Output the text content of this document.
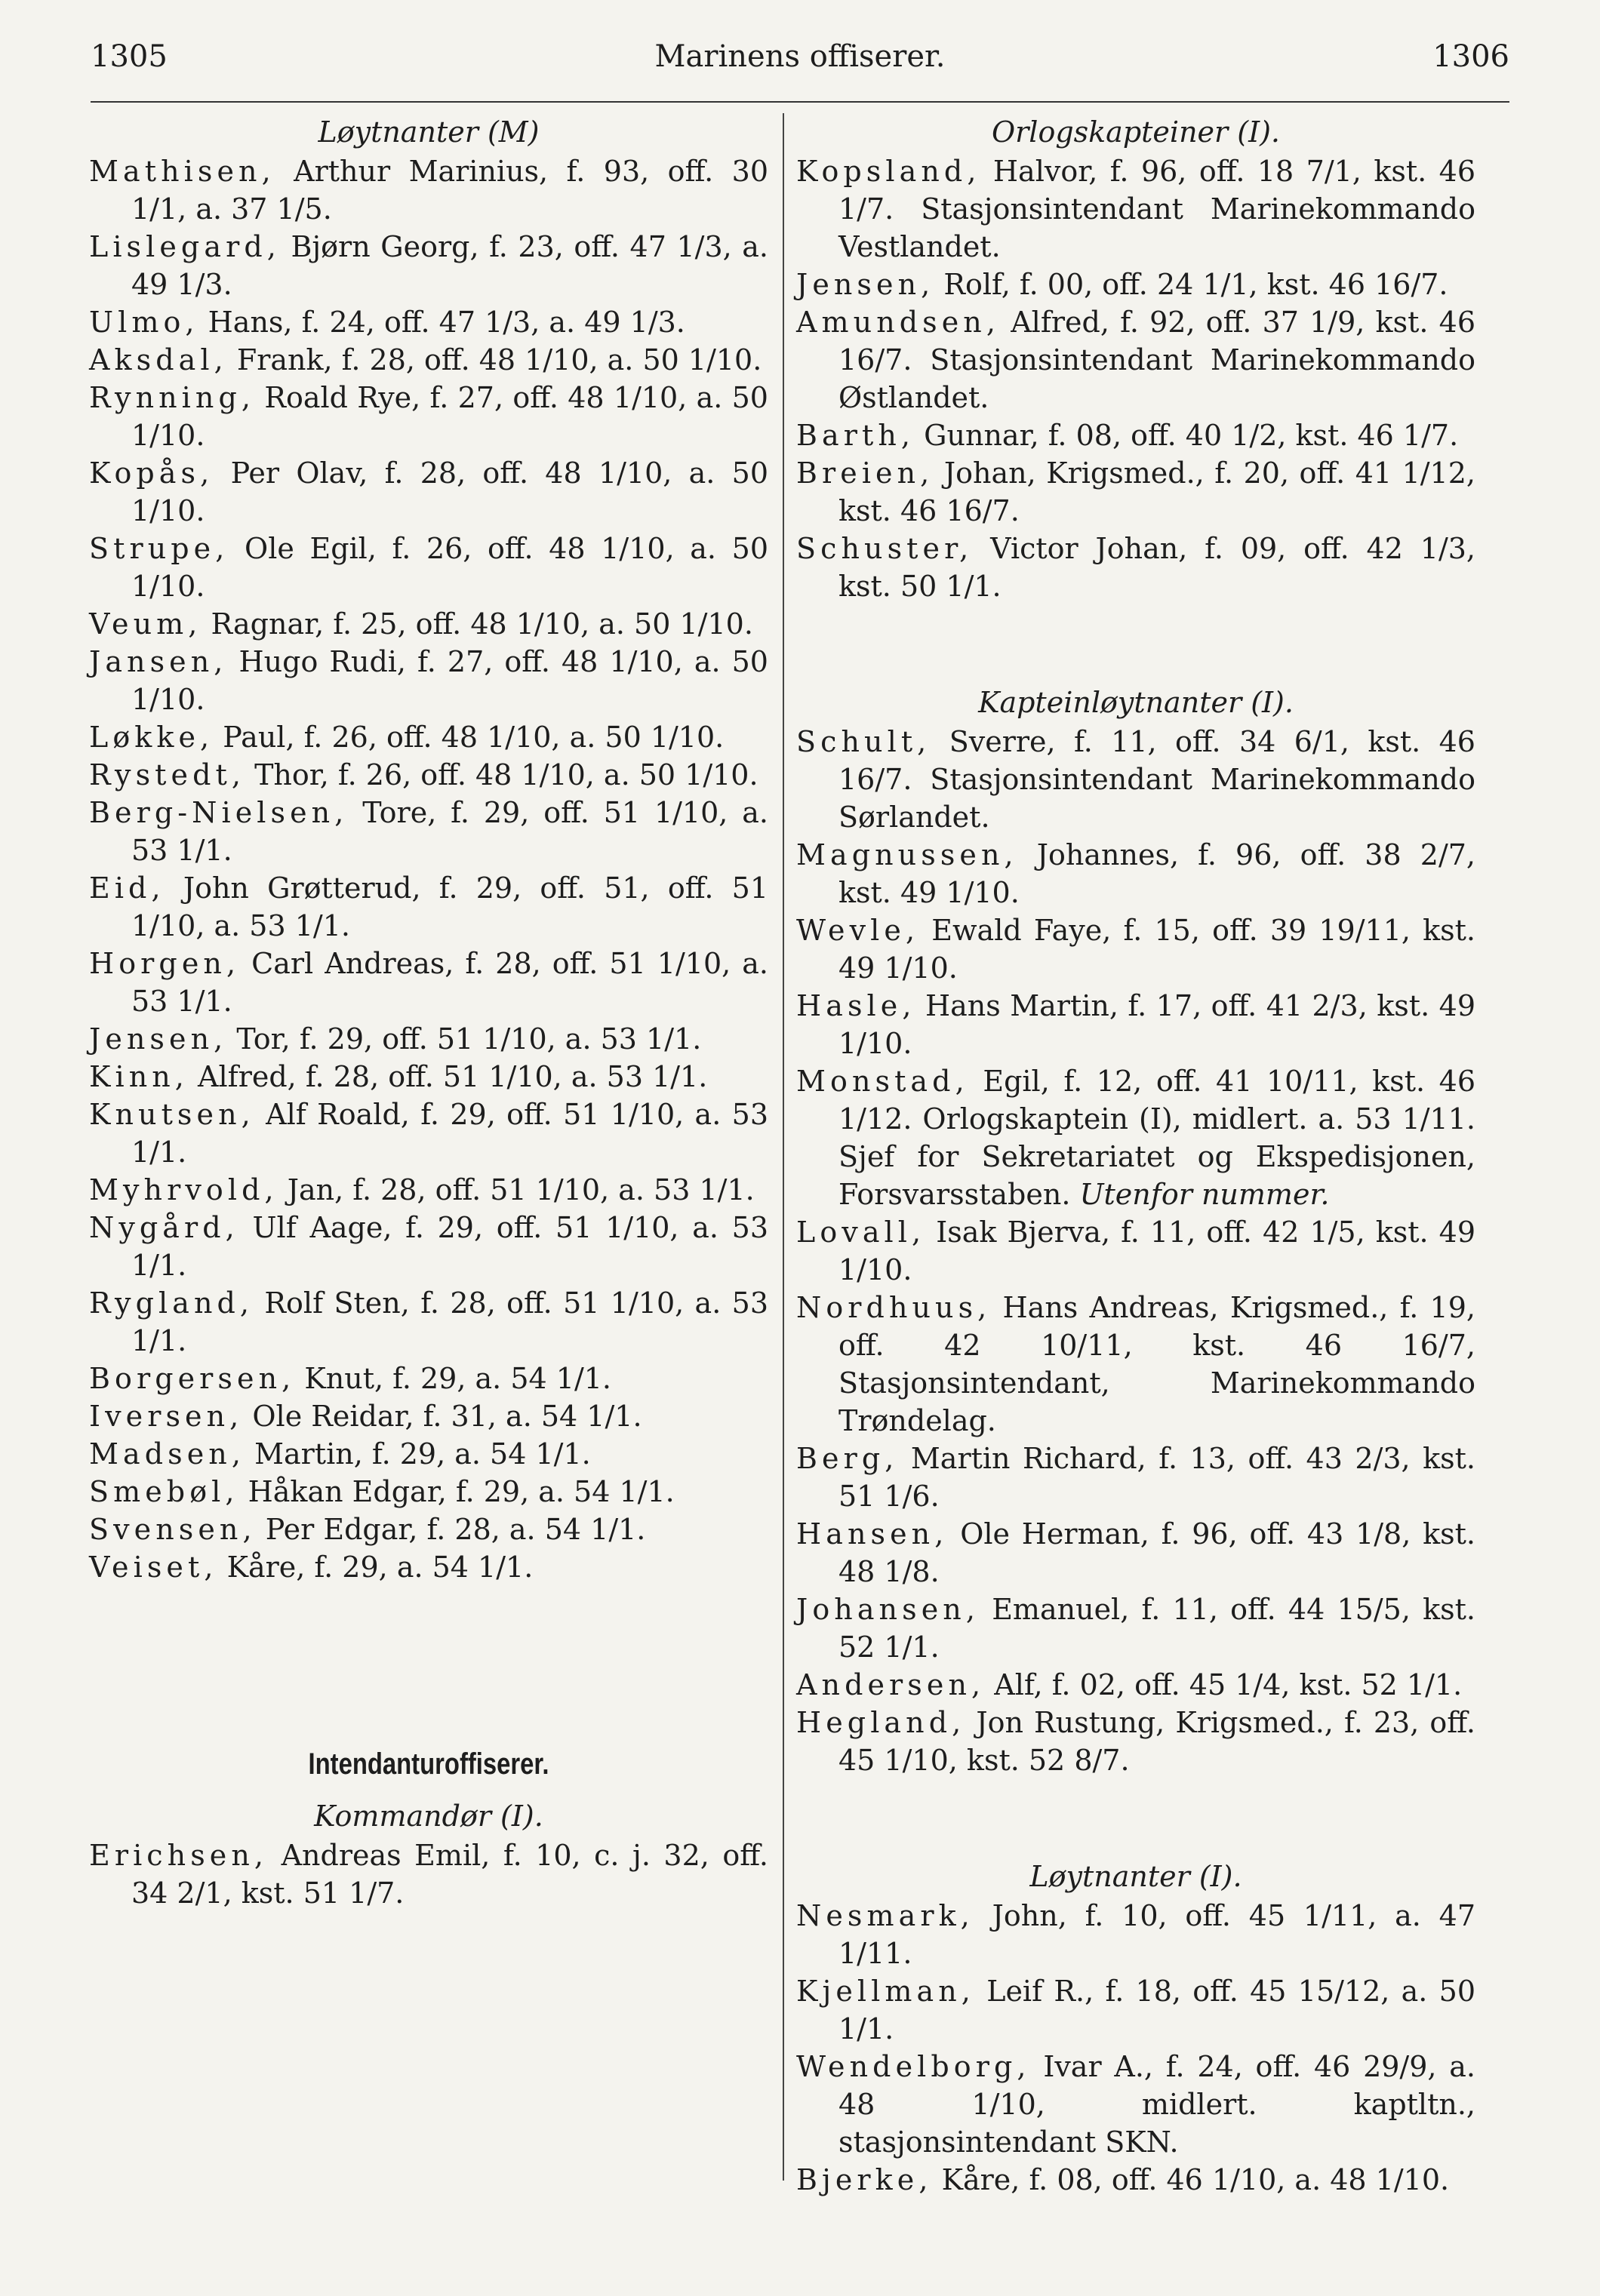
1305	Marinens offiserer.	1306
Løytnanter (M)
Mathisen, Arthur Marinius, f. 93, off. 30 1/1, a. 37 1/5.
Lislegard, Bjørn Georg, f. 23, off. 47 1/3, a. 49 1/3.
Ulmo, Hans, f. 24, off. 47 1/3, a. 49 1/3.
Aksdal, Frank, f. 28, off. 48 1/10, a. 50 1/10.
Rynning, Roald Rye, f. 27, off. 48 1/10, a. 50 1/10.
Kopås, Per Olav, f. 28, off. 48 1/10, a. 50 1/10.
Strupe, Ole Egil, f. 26, off. 48 1/10, a. 50 1/10.
Veum, Ragnar, f. 25, off. 48 1/10, a. 50 1/10.
Jansen, Hugo Rudi, f. 27, off. 48 1/10, a. 50 1/10.
Løkke, Paul, f. 26, off. 48 1/10, a. 50 1/10.
Rystedt, Thor, f. 26, off. 48 1/10, a. 50 1/10.
Berg-Nielsen, Tore, f. 29, off. 51 1/10, a. 53 1/1.
Eid, John Grøtterud, f. 29, off. 51, off. 51 1/10, a. 53 1/1.
Horgen, Carl Andreas, f. 28, off. 51 1/10, a. 53 1/1.
Jensen, Tor, f. 29, off. 51 1/10, a. 53 1/1.
Kinn, Alfred, f. 28, off. 51 1/10, a. 53 1/1.
Knutsen, Alf Roald, f. 29, off. 51 1/10, a. 53 1/1.
Myhrvold, Jan, f. 28, off. 51 1/10, a. 53 1/1.
Nygård, Ulf Aage, f. 29, off. 51 1/10, a. 53 1/1.
Rygland, Rolf Sten, f. 28, off. 51 1/10, a. 53 1/1.
Borgersen, Knut, f. 29, a. 54 1/1.
Iversen, Ole Reidar, f. 31, a. 54 1/1.
Madsen, Martin, f. 29, a. 54 1/1.
Smebøl, Håkan Edgar, f. 29, a. 54 1/1.
Svensen, Per Edgar, f. 28, a. 54 1/1.
Veiset, Kåre, f. 29, a. 54 1/1.
Intendanturoffiserer.
Kommandør (I).
Erichsen, Andreas Emil, f. 10, c. j. 32, off. 34 2/1, kst. 51 1/7.
Orlogskapteiner (I).
Kopsland, Halvor, f. 96, off. 18 7/1, kst. 46 1/7. Stasjonsintendant Marinekommando Vestlandet.
Jensen, Rolf, f. 00, off. 24 1/1, kst. 46 16/7.
Amundsen, Alfred, f. 92, off. 37 1/9, kst. 46 16/7. Stasjonsintendant Marinekommando Østlandet.
Barth, Gunnar, f. 08, off. 40 1/2, kst. 46 1/7.
Breien, Johan, Krigsmed., f. 20, off. 41 1/12, kst. 46 16/7.
Schuster, Victor Johan, f. 09, off. 42 1/3, kst. 50 1/1.
Kapteinløytnanter (I).
Schult, Sverre, f. 11, off. 34 6/1, kst. 46 16/7. Stasjonsintendant Marinekommando Sørlandet.
Magnussen, Johannes, f. 96, off. 38 2/7, kst. 49 1/10.
Wevle, Ewald Faye, f. 15, off. 39 19/11, kst. 49 1/10.
Hasle, Hans Martin, f. 17, off. 41 2/3, kst. 49 1/10.
Monstad, Egil, f. 12, off. 41 10/11, kst. 46 1/12. Orlogskaptein (I), midlert. a. 53 1/11. Sjef for Sekretariatet og Ekspedisjonen, Forsvarsstaben. Utenfor nummer.
Lovall, Isak Bjerva, f. 11, off. 42 1/5, kst. 49 1/10.
Nordhuus, Hans Andreas, Krigsmed., f. 19, off. 42 10/11, kst. 46 16/7, Stasjonsintendant, Marinekommando Trøndelag.
Berg, Martin Richard, f. 13, off. 43 2/3, kst. 51 1/6.
Hansen, Ole Herman, f. 96, off. 43 1/8, kst. 48 1/8.
Johansen, Emanuel, f. 11, off. 44 15/5, kst. 52 1/1.
Andersen, Alf, f. 02, off. 45 1/4, kst. 52 1/1.
Hegland, Jon Rustung, Krigsmed., f. 23, off. 45 1/10, kst. 52 8/7.
Løytnanter (I).
Nesmark, John, f. 10, off. 45 1/11, a. 47 1/11.
Kjellman, Leif R., f. 18, off. 45 15/12, a. 50 1/1.
Wendelborg, Ivar A., f. 24, off. 46 29/9, a. 48 1/10, midlert. kaptltn., stasjonsintendant SKN.
Bjerke, Kåre, f. 08, off. 46 1/10, a. 48 1/10.
